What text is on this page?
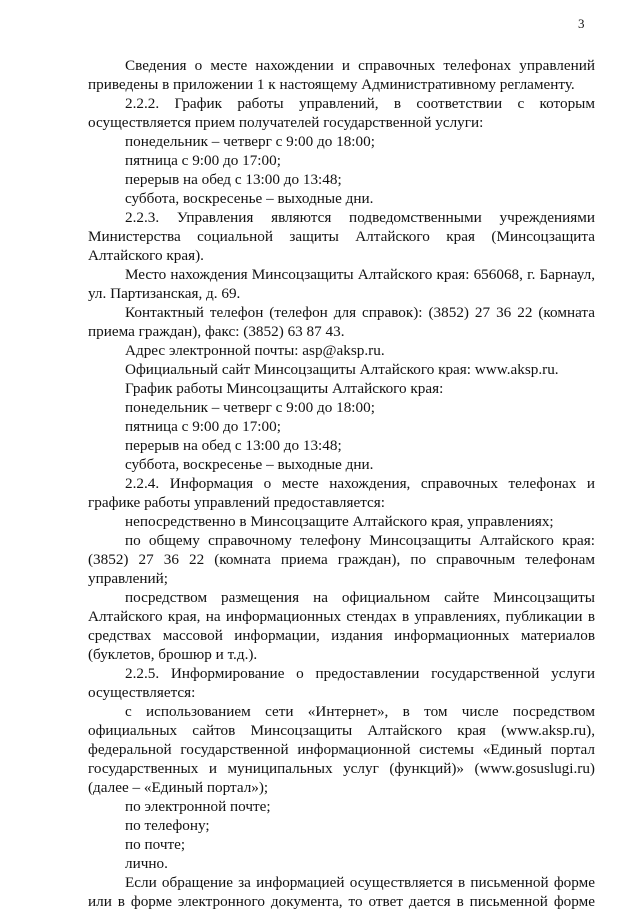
3

Сведения о месте нахождении и справочных телефонах управлений приведены в приложении 1 к настоящему Административному регламенту.

2.2.2. График работы управлений, в соответствии с которым осуществляется прием получателей государственной услуги:

понедельник – четверг с 9:00 до 18:00;

пятница с 9:00 до 17:00;

перерыв на обед с 13:00 до 13:48;

суббота, воскресенье – выходные дни.

2.2.3. Управления являются подведомственными учреждениями Министерства социальной защиты Алтайского края (Минсоцзащита Алтайского края).

Место нахождения Минсоцзащиты Алтайского края: 656068, г. Барнаул, ул. Партизанская, д. 69.

Контактный телефон (телефон для справок): (3852) 27 36 22 (комната приема граждан), факс: (3852) 63 87 43.

Адрес электронной почты: asp@aksp.ru.

Официальный сайт Минсоцзащиты Алтайского края: www.aksp.ru.

График работы Минсоцзащиты Алтайского края:

понедельник – четверг с 9:00 до 18:00;

пятница с 9:00 до 17:00;

перерыв на обед с 13:00 до 13:48;

суббота, воскресенье – выходные дни.

2.2.4. Информация о месте нахождения, справочных телефонах и графике работы управлений предоставляется:

непосредственно в Минсоцзащите Алтайского края, управлениях;

по общему справочному телефону Минсоцзащиты Алтайского края: (3852) 27 36 22 (комната приема граждан), по справочным телефонам управлений;

посредством размещения на официальном сайте Минсоцзащиты Алтайского края, на информационных стендах в управлениях, публикации в средствах массовой информации, издания информационных материалов (буклетов, брошюр и т.д.).

2.2.5. Информирование о предоставлении государственной услуги осуществляется:

с использованием сети «Интернет», в том числе посредством официальных сайтов Минсоцзащиты Алтайского края (www.aksp.ru), федеральной государственной информационной системы «Единый портал государственных и муниципальных услуг (функций)» (www.gosuslugi.ru) (далее – «Единый портал»);

по электронной почте;

по телефону;

по почте;

лично.

Если обращение за информацией осуществляется в письменной форме или в форме электронного документа, то ответ дается в письменной форме
